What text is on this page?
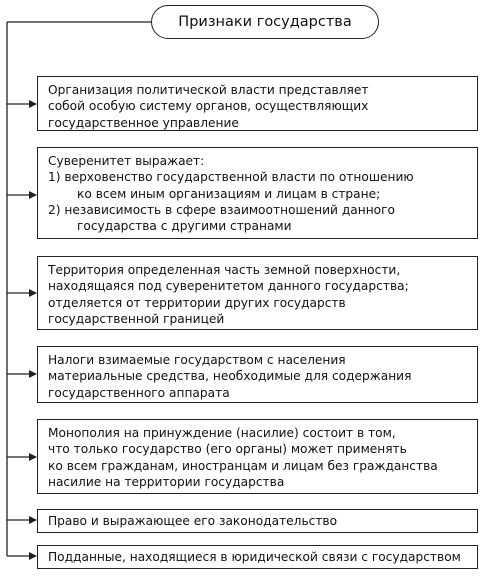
Признаки государства

Организация политической власти представляет

собой особую систему органов, осуществляющих

государственное управление

Суверенитет выражает:

1) верховенство государственной власти по отношению

ко всем иным организациям и лицам в стране;

2) независимость в сфере взаимоотношений данного

государства с другими странами

Территория определенная часть земной поверхности,

находящаяся под суверенитетом данного государства;

отделяется от территории других государств

государственной границей

Налоги взимаемые государством с населения

материальные средства, необходимые для содержания

государственного аппарата

Монополия на принуждение (насилие) состоит в том,

что только государство (его органы) может применять

ко всем гражданам, иностранцам и лицам без гражданства

насилие на территории государства

Право и выражающее его законодательство

Подданные, находящиеся в юридической связи с государством
